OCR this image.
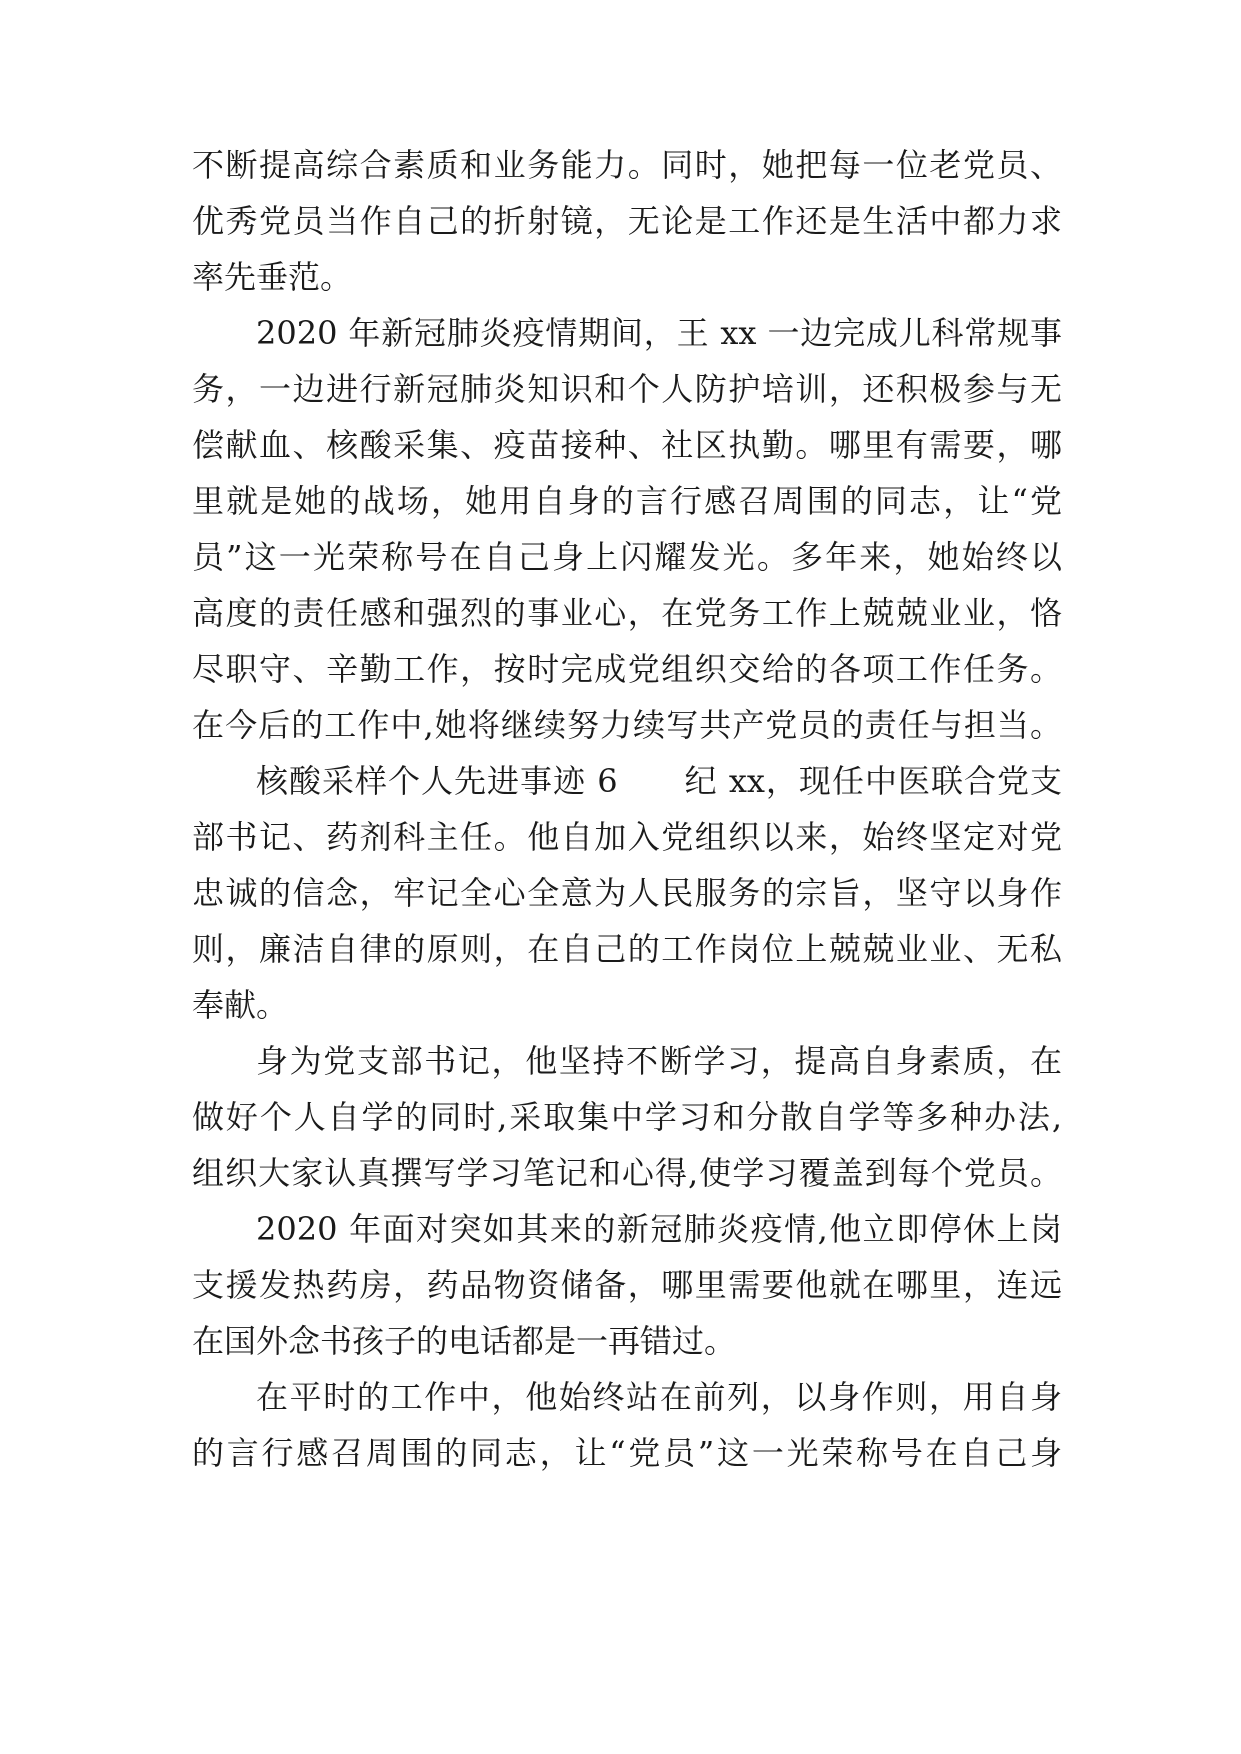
不断提高综合素质和业务能力。同时，她把每一位老党员、
优秀党员当作自己的折射镜，无论是工作还是生活中都力求
率先垂范。
2020 年新冠肺炎疫情期间，王 xx 一边完成儿科常规事
务，一边进行新冠肺炎知识和个人防护培训，还积极参与无
偿献血、核酸采集、疫苗接种、社区执勤。哪里有需要，哪
里就是她的战场，她用自身的言行感召周围的同志，让“党
员”这一光荣称号在自己身上闪耀发光。多年来，她始终以
高度的责任感和强烈的事业心，在党务工作上兢兢业业，恪
尽职守、辛勤工作，按时完成党组织交给的各项工作任务。
在今后的工作中,她将继续努力续写共产党员的责任与担当。
核酸采样个人先进事迹 6　　纪 xx，现任中医联合党支
部书记、药剂科主任。他自加入党组织以来，始终坚定对党
忠诚的信念，牢记全心全意为人民服务的宗旨，坚守以身作
则，廉洁自律的原则，在自己的工作岗位上兢兢业业、无私
奉献。
身为党支部书记，他坚持不断学习，提高自身素质，在
做好个人自学的同时,采取集中学习和分散自学等多种办法,
组织大家认真撰写学习笔记和心得,使学习覆盖到每个党员。
2020 年面对突如其来的新冠肺炎疫情,他立即停休上岗
支援发热药房，药品物资储备，哪里需要他就在哪里，连远
在国外念书孩子的电话都是一再错过。
在平时的工作中，他始终站在前列，以身作则，用自身
的言行感召周围的同志，让“党员”这一光荣称号在自己身
